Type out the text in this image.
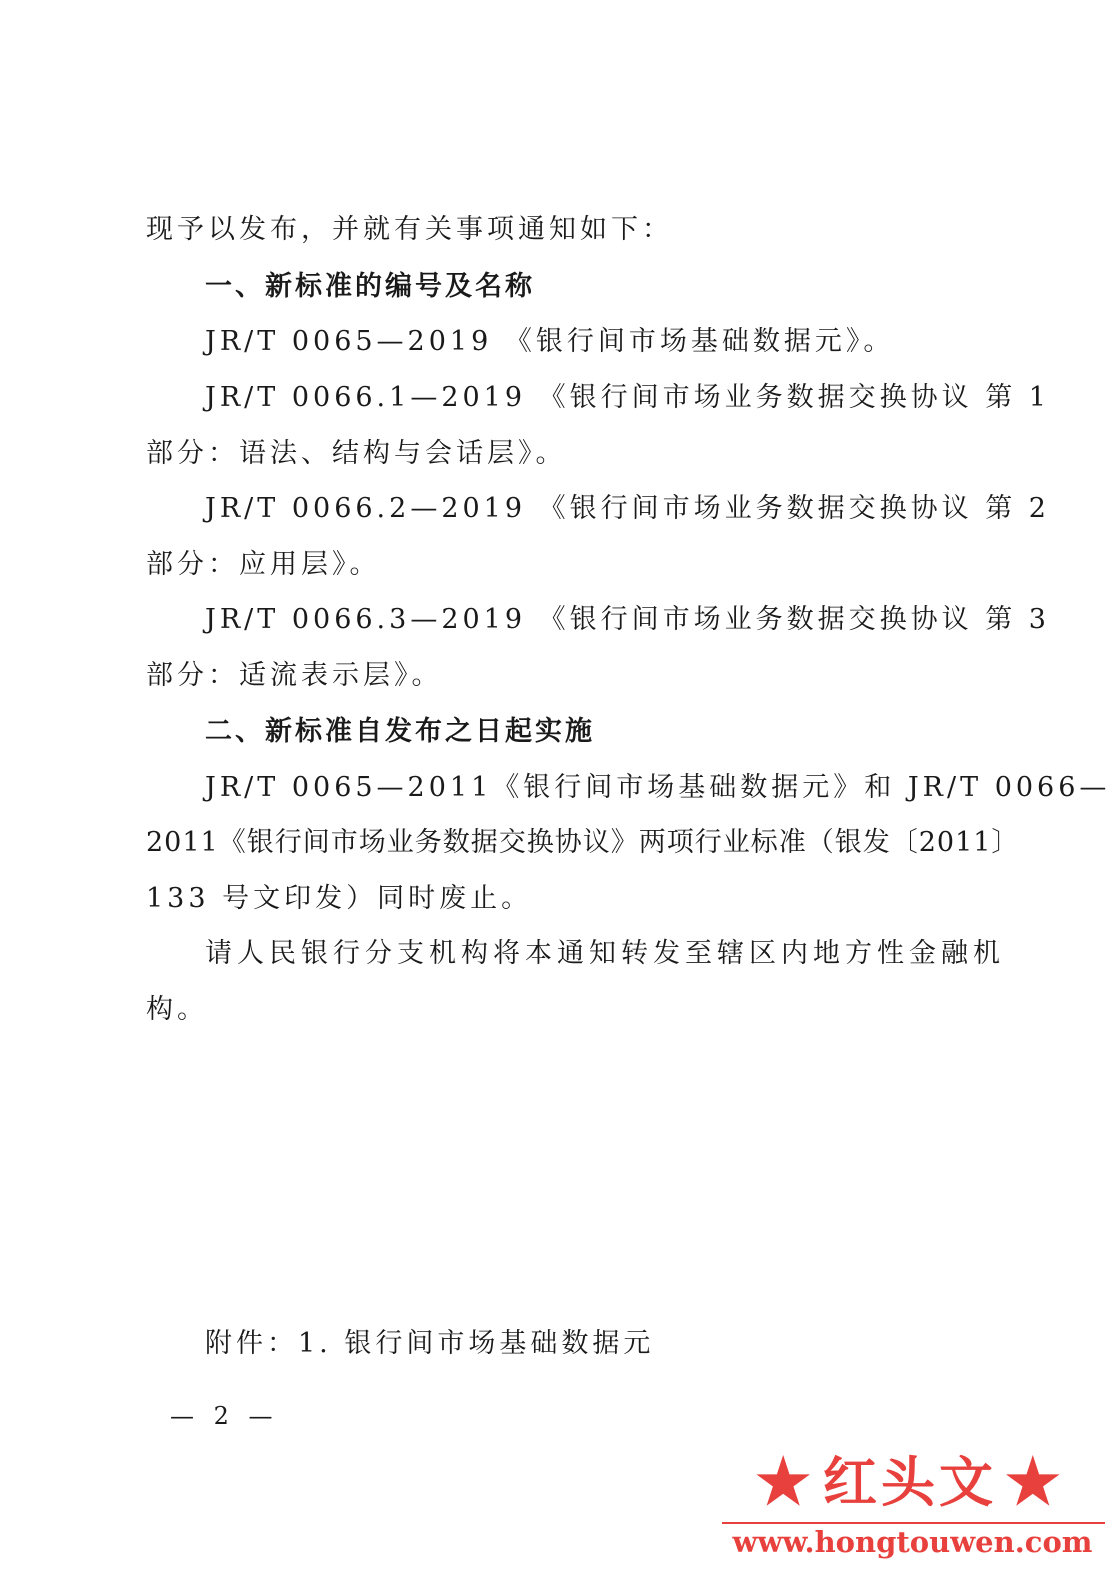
现予以发布，并就有关事项通知如下：
一、新标准的编号及名称
JR/T 0065—2019 《银行间市场基础数据元》。
JR/T 0066.1—2019 《银行间市场业务数据交换协议 第 1
部分：语法、结构与会话层》。
JR/T 0066.2—2019 《银行间市场业务数据交换协议 第 2
部分：应用层》。
JR/T 0066.3—2019 《银行间市场业务数据交换协议 第 3
部分：适流表示层》。
二、新标准自发布之日起实施
JR/T 0065—2011《银行间市场基础数据元》和 JR/T 0066—
2011《银行间市场业务数据交换协议》两项行业标准（银发〔2011〕
133 号文印发）同时废止。
请人民银行分支机构将本通知转发至辖区内地方性金融机
构。
附件：1. 银行间市场基础数据元
— 2 —
★ 红头文 ★
www.hongtouwen.com
